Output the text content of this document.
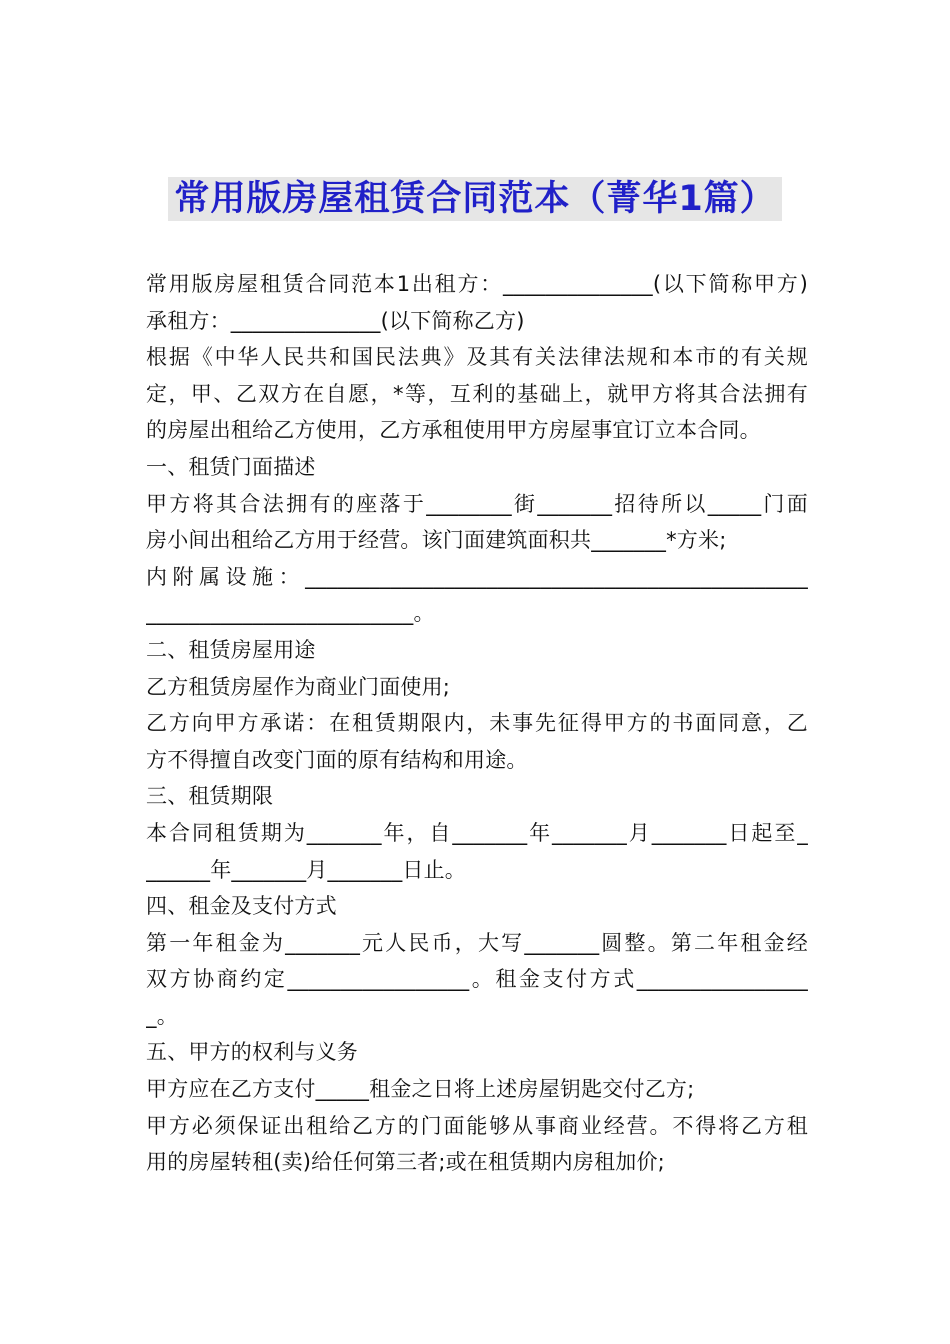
常用版房屋租赁合同范本（菁华1篇）
常用版房屋租赁合同范本1出租方：______________(以下简称甲方)
承租方：______________(以下简称乙方)
根据《中华人民共和国民法典》及其有关法律法规和本市的有关规
定，甲、乙双方在自愿，*等，互利的基础上，就甲方将其合法拥有
的房屋出租给乙方使用，乙方承租使用甲方房屋事宜订立本合同。
一、租赁门面描述
甲方将其合法拥有的座落于________街_______招待所以_____门面
房小间出租给乙方用于经营。该门面建筑面积共_______*方米;
内附属设施：_______________________________________________
_________________________。
二、租赁房屋用途
乙方租赁房屋作为商业门面使用;
乙方向甲方承诺：在租赁期限内，未事先征得甲方的书面同意，乙
方不得擅自改变门面的原有结构和用途。
三、租赁期限
本合同租赁期为_______年，自_______年_______月_______日起至_
______年_______月_______日止。
四、租金及支付方式
第一年租金为_______元人民币，大写_______圆整。第二年租金经
双方协商约定_________________。租金支付方式________________
_。
五、甲方的权利与义务
甲方应在乙方支付_____租金之日将上述房屋钥匙交付乙方;
甲方必须保证出租给乙方的门面能够从事商业经营。不得将乙方租
用的房屋转租(卖)给任何第三者;或在租赁期内房租加价;
